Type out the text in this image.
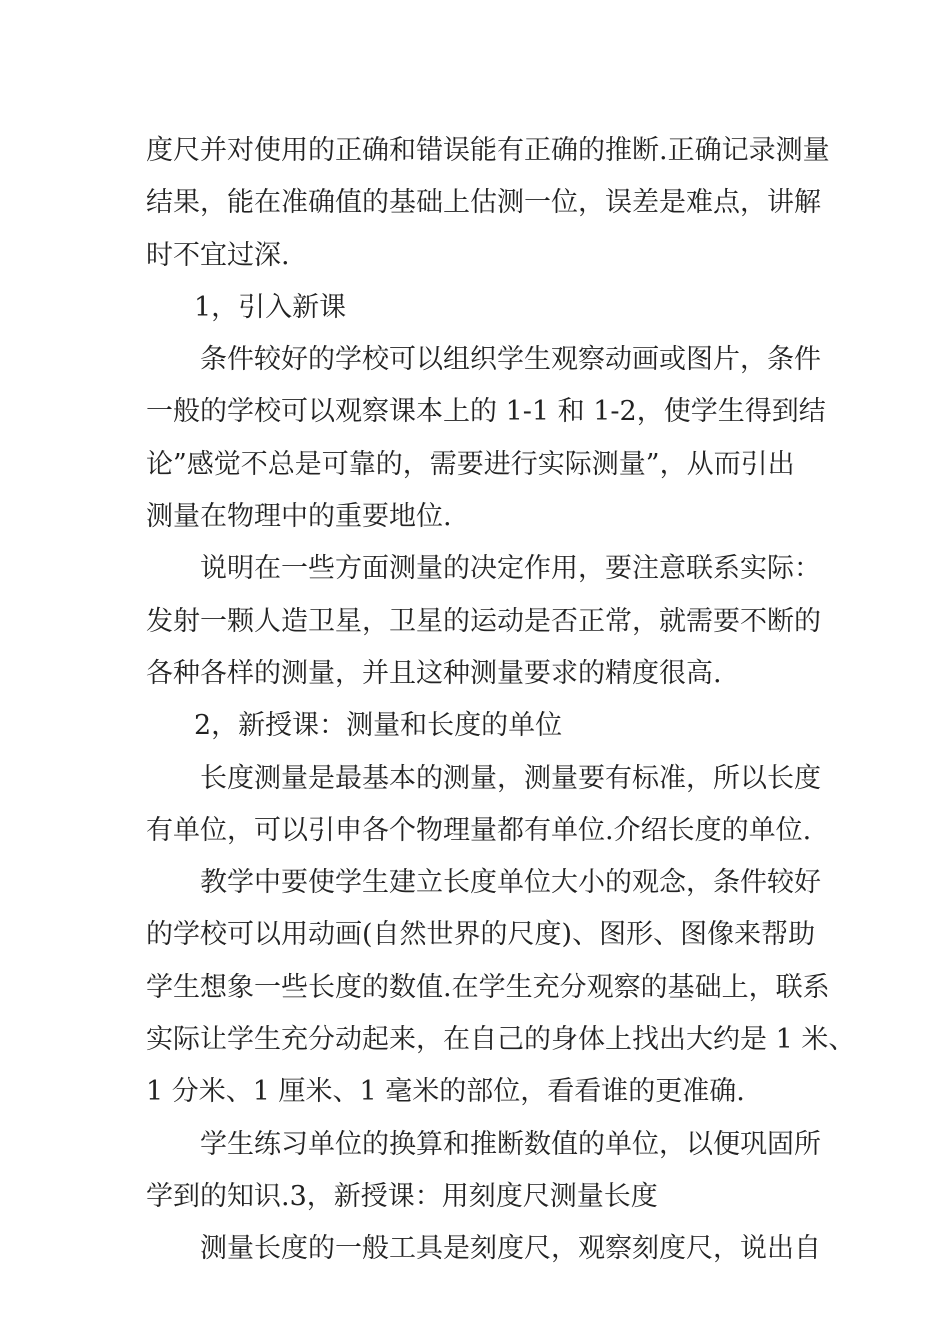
度尺并对使用的正确和错误能有正确的推断.正确记录测量
结果，能在准确值的基础上估测一位，误差是难点，讲解
时不宜过深.
1，引入新课
条件较好的学校可以组织学生观察动画或图片，条件
一般的学校可以观察课本上的 1-1 和 1-2，使学生得到结
论”感觉不总是可靠的，需要进行实际测量”，从而引出
测量在物理中的重要地位.
说明在一些方面测量的决定作用，要注意联系实际：
发射一颗人造卫星，卫星的运动是否正常，就需要不断的
各种各样的测量，并且这种测量要求的精度很高.
2，新授课：测量和长度的单位
长度测量是最基本的测量，测量要有标准，所以长度
有单位，可以引申各个物理量都有单位.介绍长度的单位.
教学中要使学生建立长度单位大小的观念，条件较好
的学校可以用动画(自然世界的尺度)、图形、图像来帮助
学生想象一些长度的数值.在学生充分观察的基础上，联系
实际让学生充分动起来，在自己的身体上找出大约是 1 米、
1 分米、1 厘米、1 毫米的部位，看看谁的更准确.
学生练习单位的换算和推断数值的单位，以便巩固所
学到的知识.3，新授课：用刻度尺测量长度
测量长度的一般工具是刻度尺，观察刻度尺，说出自
